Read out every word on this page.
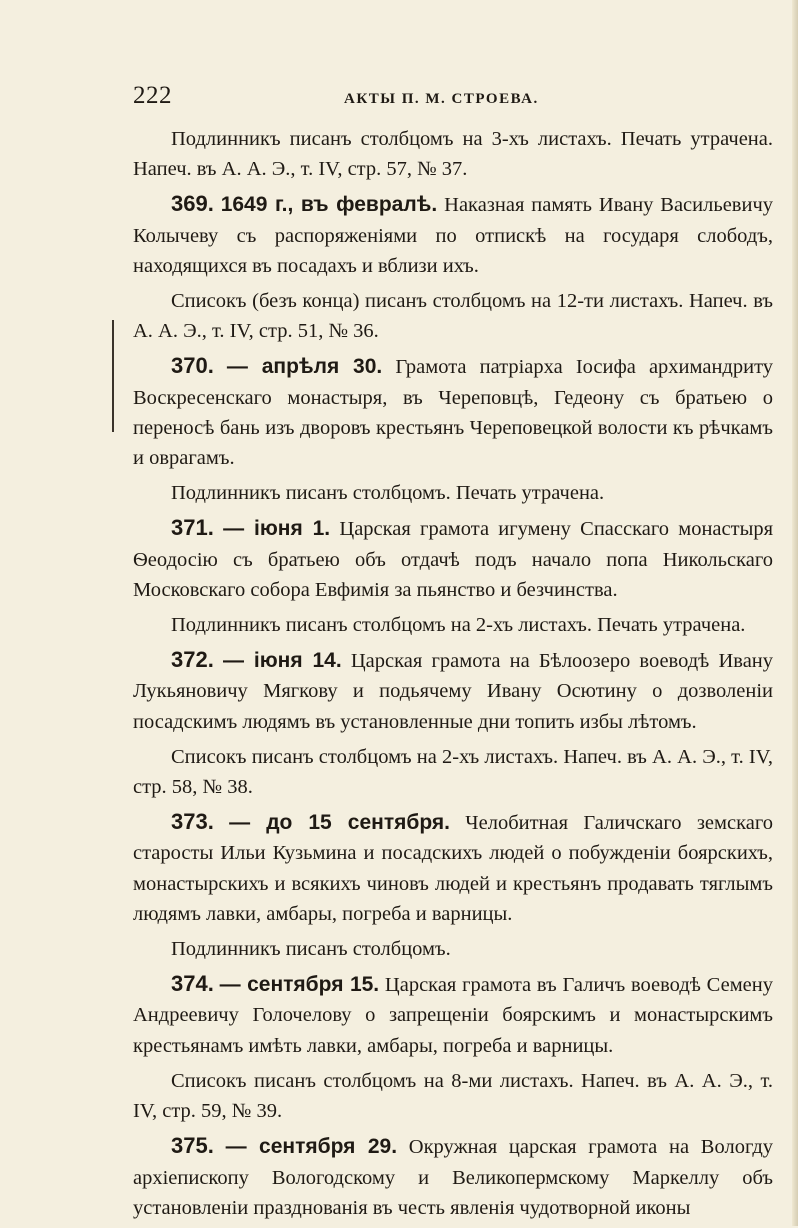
222	АКТЫ П. М. СТРОЕВА.

Подлинникъ писанъ столбцомъ на 3-хъ листахъ. Печать утрачена. Напеч. въ А. А. Э., т. IV, стр. 57, № 37.

369. 1649 г., въ февралѣ. Наказная память Ивану Васильевичу Колычеву съ распоряженіями по отпискѣ на государя слободъ, находящихся въ посадахъ и вблизи ихъ.

Списокъ (безъ конца) писанъ столбцомъ на 12-ти листахъ. Напеч. въ А. А. Э., т. IV, стр. 51, № 36.

370. — апрѣля 30. Грамота патріарха Іосифа архимандриту Воскресенскаго монастыря, въ Череповцѣ, Гедеону съ братьею о переносѣ бань изъ дворовъ крестьянъ Череповецкой волости къ рѣчкамъ и оврагамъ.

Подлинникъ писанъ столбцомъ. Печать утрачена.

371. — іюня 1. Царская грамота игумену Спасскаго монастыря Ѳеодосію съ братьею объ отдачѣ подъ начало попа Никольскаго Московскаго собора Евфимія за пьянство и безчинства.

Подлинникъ писанъ столбцомъ на 2-хъ листахъ. Печать утрачена.

372. — іюня 14. Царская грамота на Бѣлоозеро воеводѣ Ивану Лукьяновичу Мягкову и подьячему Ивану Осютину о дозволеніи посадскимъ людямъ въ установленные дни топить избы лѣтомъ.

Списокъ писанъ столбцомъ на 2-хъ листахъ. Напеч. въ А. А. Э., т. IV, стр. 58, № 38.

373. — до 15 сентября. Челобитная Галичскаго земскаго старосты Ильи Кузьмина и посадскихъ людей о побужденіи боярскихъ, монастырскихъ и всякихъ чиновъ людей и крестьянъ продавать тяглымъ людямъ лавки, амбары, погреба и варницы.

Подлинникъ писанъ столбцомъ.

374. — сентября 15. Царская грамота въ Галичъ воеводѣ Семену Андреевичу Голочелову о запрещеніи боярскимъ и монастырскимъ крестьянамъ имѣть лавки, амбары, погреба и варницы.

Списокъ писанъ столбцомъ на 8-ми листахъ. Напеч. въ А. А. Э., т. IV, стр. 59, № 39.

375. — сентября 29. Окружная царская грамота на Вологду архіепископу Вологодскому и Великопермскому Маркеллу объ установленіи празднованія въ честь явленія чудотворной иконы
